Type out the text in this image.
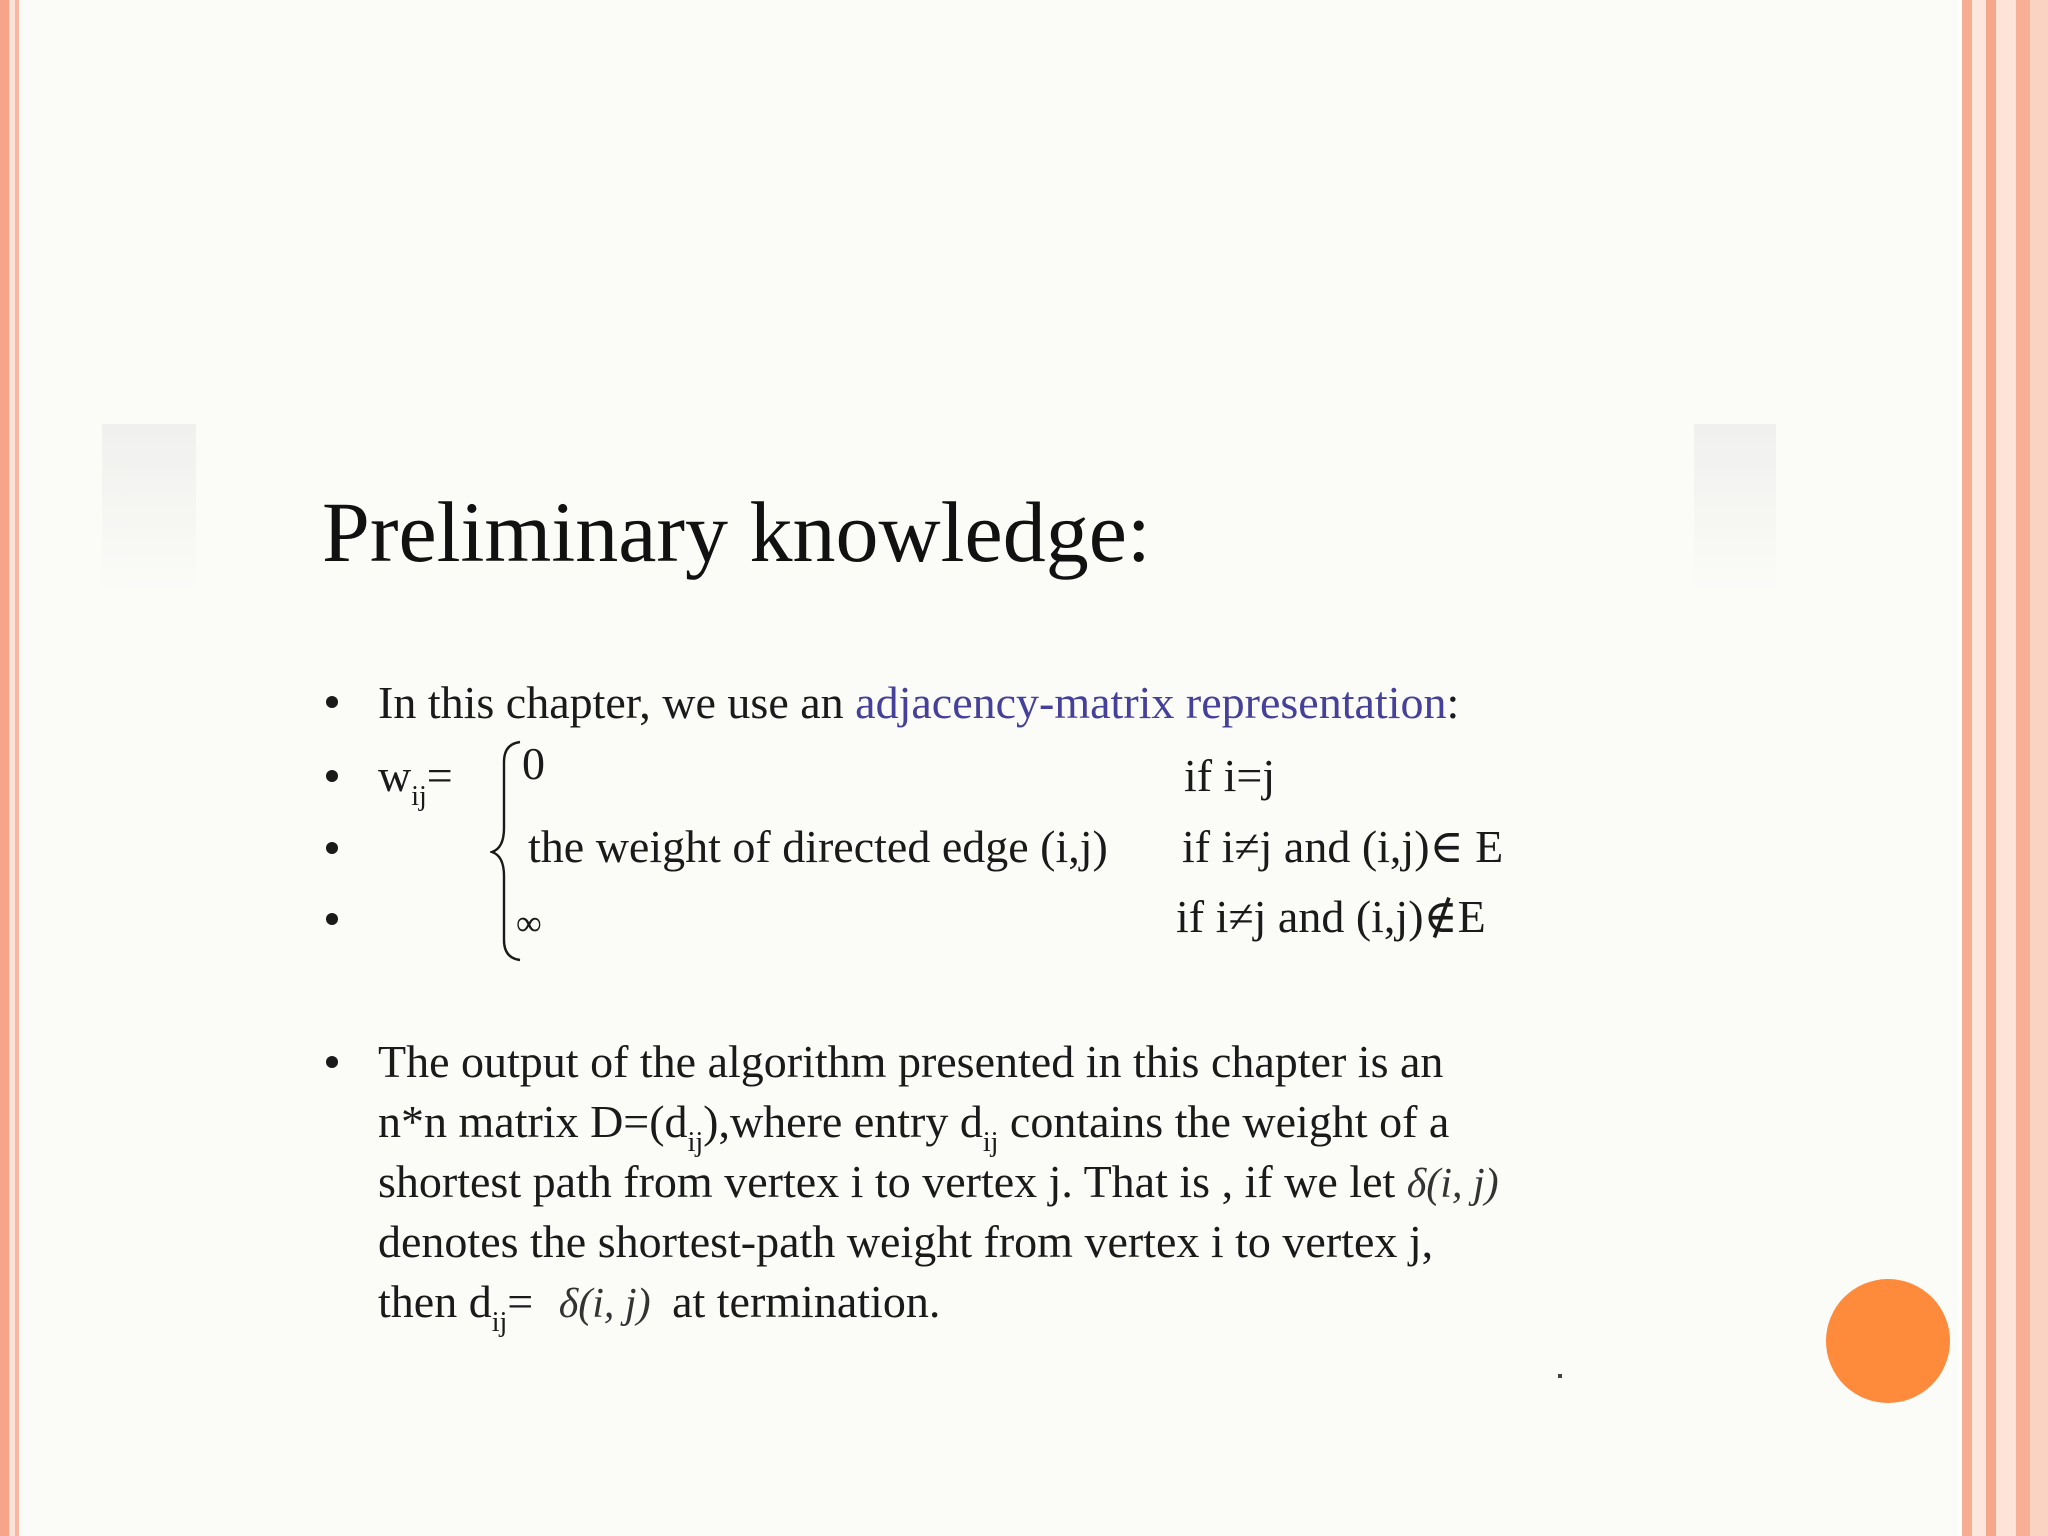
Preliminary knowledge:
In this chapter, we use an adjacency-matrix representation:
$w_{ij}= 0$	if i=j
the weight of directed edge (i,j) if i≠j and (i,j)∈ E
∞	if i≠j and (i,j)∉E
The output of the algorithm presented in this chapter is an
n*n matrix $D=(d_{ij}),where$ entry $d_{ij}$ contains the weight of a
shortest path from vertex i to vertex j. That is , if we let δ(i, j)
denotes the shortest-path weight from vertex i to vertex j,
then $d_{ij}= \delta(i$, j) at termination.
